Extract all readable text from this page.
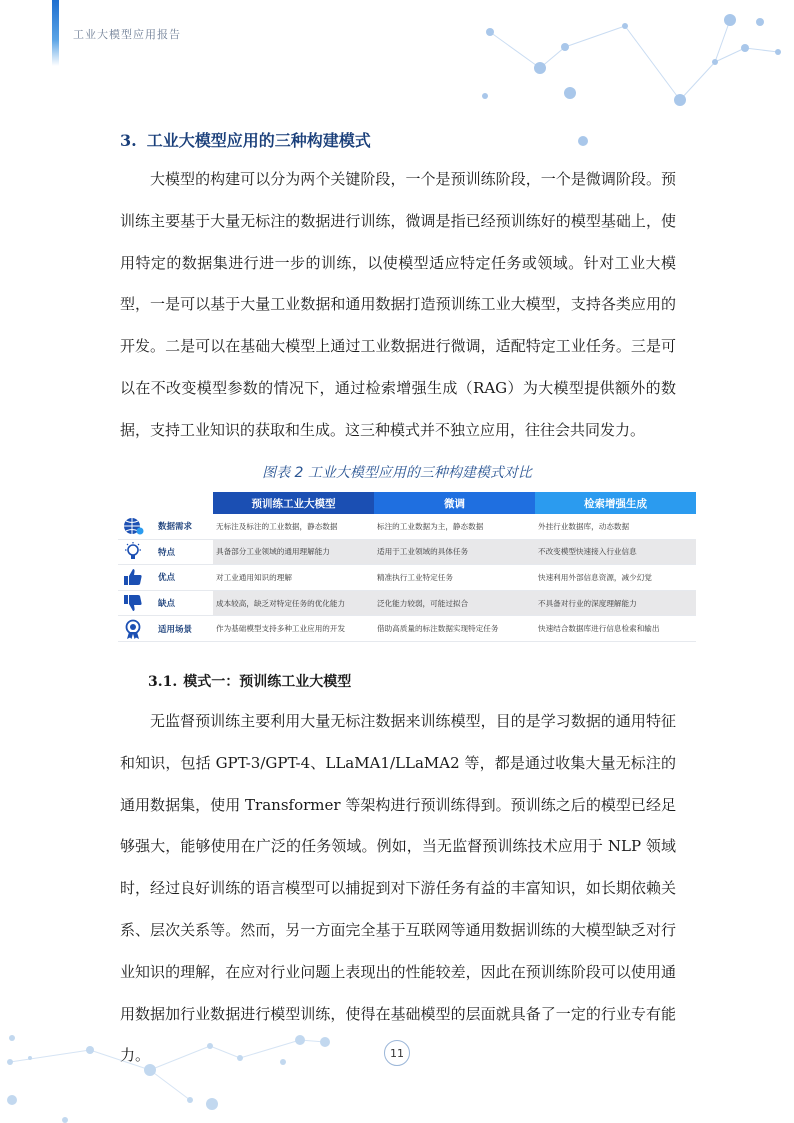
工业大模型应用报告
3. 工业大模型应用的三种构建模式

大模型的构建可以分为两个关键阶段，一个是预训练阶段，一个是微调阶段。预训练主要基于大量无标注的数据进行训练，微调是指已经预训练好的模型基础上，使用特定的数据集进行进一步的训练，以使模型适应特定任务或领域。针对工业大模型，一是可以基于大量工业数据和通用数据打造预训练工业大模型，支持各类应用的开发。二是可以在基础大模型上通过工业数据进行微调，适配特定工业任务。三是可以在不改变模型参数的情况下，通过检索增强生成（RAG）为大模型提供额外的数据，支持工业知识的获取和生成。这三种模式并不独立应用，往往会共同发力。

图表 2 工业大模型应用的三种构建模式对比
预训练工业大模型	微调	检索增强生成
数据需求	无标注及标注的工业数据，静态数据	标注的工业数据为主，静态数据	外挂行业数据库，动态数据
特点	具备部分工业领域的通用理解能力	适用于工业领域的具体任务	不改变模型快速接入行业信息
优点	对工业通用知识的理解	精准执行工业特定任务	快速利用外部信息资源，减少幻觉
缺点	成本较高，缺乏对特定任务的优化能力	泛化能力较弱，可能过拟合	不具备对行业的深度理解能力
适用场景	作为基础模型支持多种工业应用的开发	借助高质量的标注数据实现特定任务	快速结合数据库进行信息检索和输出
3.1. 模式一：预训练工业大模型

无监督预训练主要利用大量无标注数据来训练模型，目的是学习数据的通用特征和知识，包括 GPT-3/GPT-4、LLaMA1/LLaMA2 等，都是通过收集大量无标注的通用数据集，使用 Transformer 等架构进行预训练得到。预训练之后的模型已经足够强大，能够使用在广泛的任务领域。例如，当无监督预训练技术应用于 NLP 领域时，经过良好训练的语言模型可以捕捉到对下游任务有益的丰富知识，如长期依赖关系、层次关系等。然而，另一方面完全基于互联网等通用数据训练的大模型缺乏对行业知识的理解，在应对行业问题上表现出的性能较差，因此在预训练阶段可以使用通用数据加行业数据进行模型训练，使得在基础模型的层面就具备了一定的行业专有能力。	11
